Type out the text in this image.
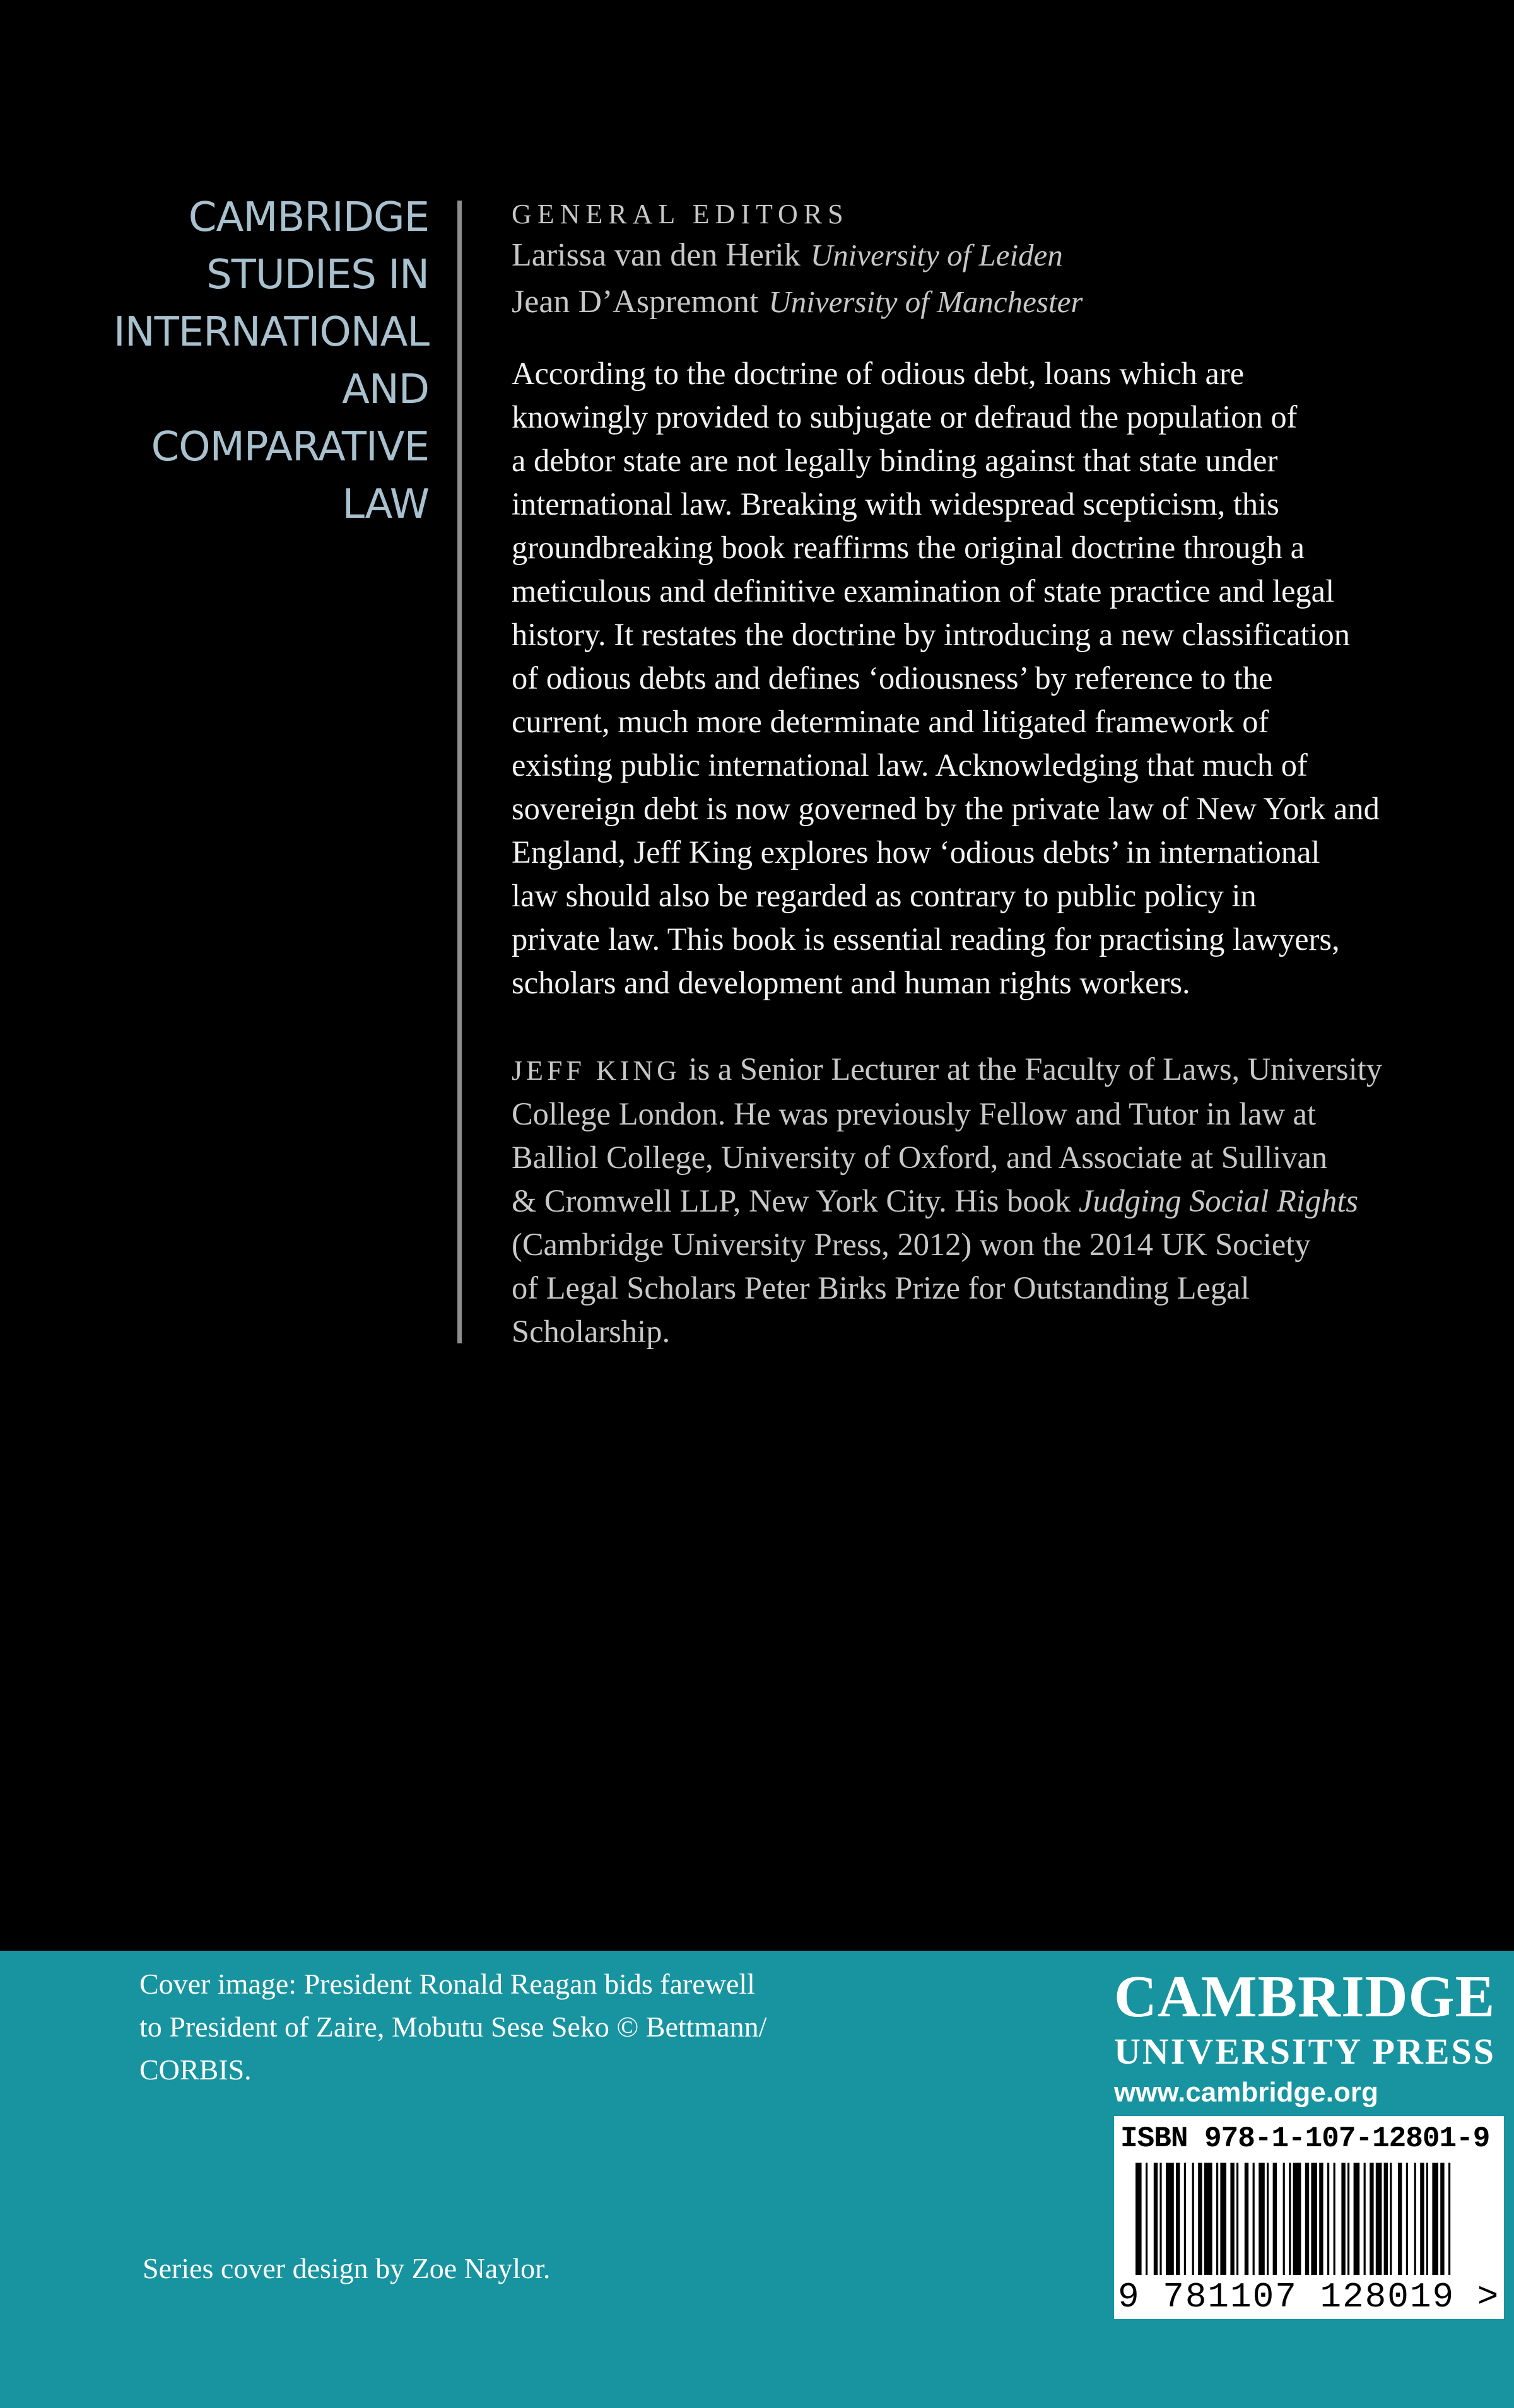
CAMBRIDGE
STUDIES IN
INTERNATIONAL
AND
COMPARATIVE
LAW
GENERAL EDITORS
Larissa van den Herik University of Leiden
Jean D’Aspremont University of Manchester
According to the doctrine of odious debt, loans which are
knowingly provided to subjugate or defraud the population of
a debtor state are not legally binding against that state under
international law. Breaking with widespread scepticism, this
groundbreaking book reaffirms the original doctrine through a
meticulous and definitive examination of state practice and legal
history. It restates the doctrine by introducing a new classification
of odious debts and defines ‘odiousness’ by reference to the
current, much more determinate and litigated framework of
existing public international law. Acknowledging that much of
sovereign debt is now governed by the private law of New York and
England, Jeff King explores how ‘odious debts’ in international
law should also be regarded as contrary to public policy in
private law. This book is essential reading for practising lawyers,
scholars and development and human rights workers.
JEFF KING is a Senior Lecturer at the Faculty of Laws, University
College London. He was previously Fellow and Tutor in law at
Balliol College, University of Oxford, and Associate at Sullivan
& Cromwell LLP, New York City. His book Judging Social Rights
(Cambridge University Press, 2012) won the 2014 UK Society
of Legal Scholars Peter Birks Prize for Outstanding Legal
Scholarship.
Cover image: President Ronald Reagan bids farewell
to President of Zaire, Mobutu Sese Seko © Bettmann/
CORBIS.
Series cover design by Zoe Naylor.
CAMBRIDGE
UNIVERSITY PRESS
www.cambridge.org
ISBN 978-1-107-12801-9
9 781107 128019 >
